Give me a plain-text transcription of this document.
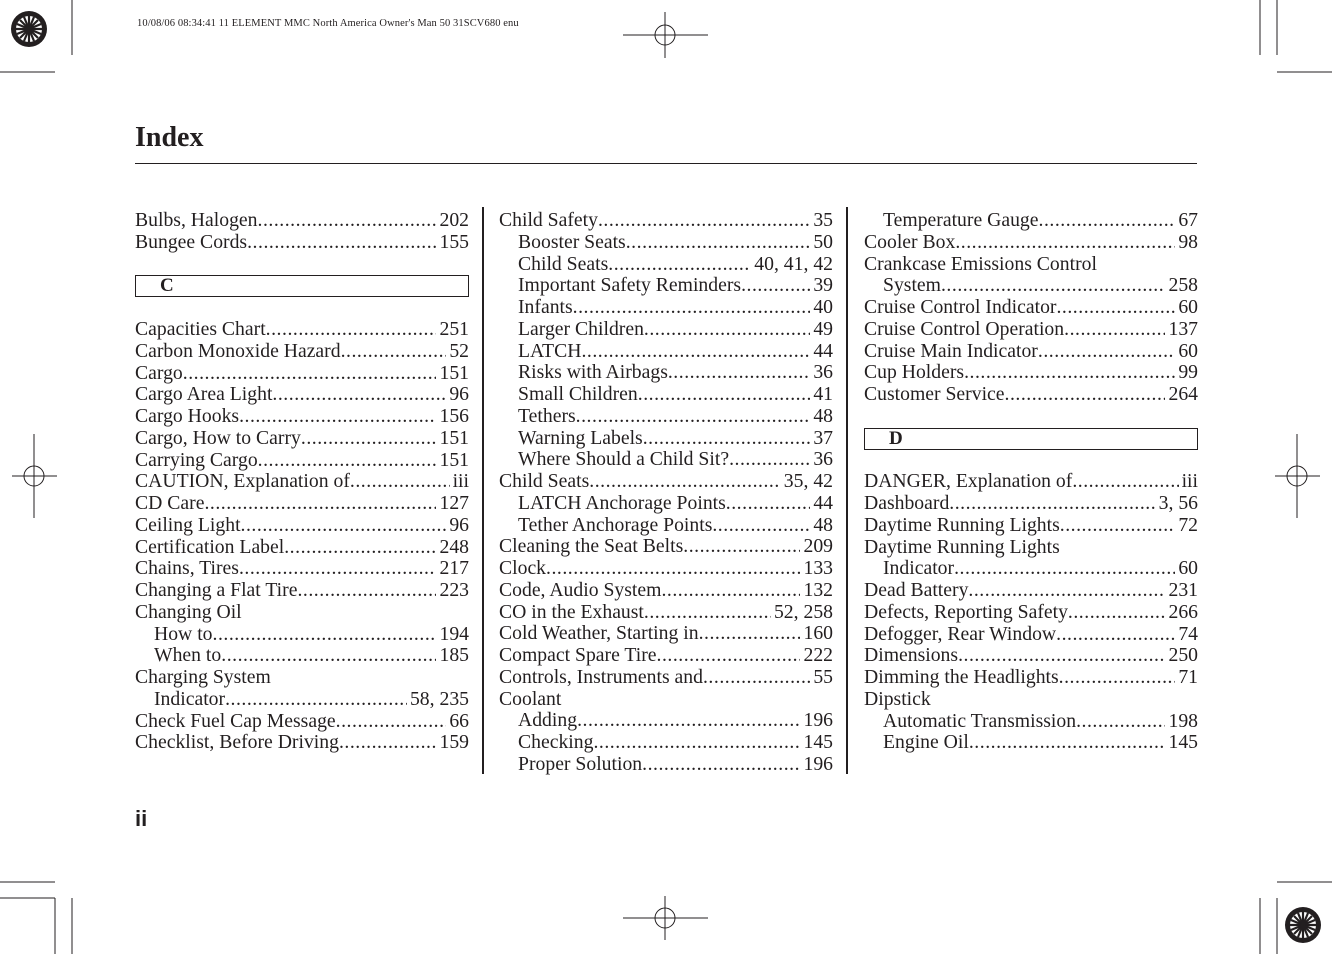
10/08/06 08:34:41 11 ELEMENT MMC North America Owner's Man 50 31SCV680 enu
Index
Bulbs, Halogen . . .	202
Bungee Cords . . .	155
C
Capacities Chart . . .	251
Carbon Monoxide Hazard . . .	52
Cargo . . .	151
Cargo Area Light . . .	96
Cargo Hooks . . .	156
Cargo, How to Carry . . .	151
Carrying Cargo . . .	151
CAUTION, Explanation of . . .	iii
CD Care . . .	127
Ceiling Light . . .	96
Certification Label . . .	248
Chains, Tires . . .	217
Changing a Flat Tire . . .	223
Changing Oil
How to . . .	194
When to . . .	185
Charging System
Indicator . . .	58, 235
Check Fuel Cap Message . . .	66
Checklist, Before Driving . . .	159
Child Safety . . .	35
Booster Seats . . .	50
Child Seats . . .	40, 41, 42
Important Safety Reminders . . .	39
Infants . . .	40
Larger Children . . .	49
LATCH . . .	44
Risks with Airbags . . .	36
Small Children . . .	41
Tethers . . .	48
Warning Labels . . .	37
Where Should a Child Sit? . . .	36
Child Seats . . .	35, 42
LATCH Anchorage Points . . .	44
Tether Anchorage Points . . .	48
Cleaning the Seat Belts . . .	209
Clock . . .	133
Code, Audio System . . .	132
CO in the Exhaust . . .	52, 258
Cold Weather, Starting in . . .	160
Compact Spare Tire . . .	222
Controls, Instruments and . . .	55
Coolant
Adding . . .	196
Checking . . .	145
Proper Solution . . .	196
Temperature Gauge . . .	67
Cooler Box . . .	98
Crankcase Emissions Control
System . . .	258
Cruise Control Indicator . . .	60
Cruise Control Operation . . .	137
Cruise Main Indicator . . .	60
Cup Holders . . .	99
Customer Service . . .	264
D
DANGER, Explanation of . . .	iii
Dashboard . . .	3, 56
Daytime Running Lights . . .	72
Daytime Running Lights
Indicator . . .	60
Dead Battery . . .	231
Defects, Reporting Safety . . .	266
Defogger, Rear Window . . .	74
Dimensions . . .	250
Dimming the Headlights . . .	71
Dipstick
Automatic Transmission . . .	198
Engine Oil . . .	145
ii
